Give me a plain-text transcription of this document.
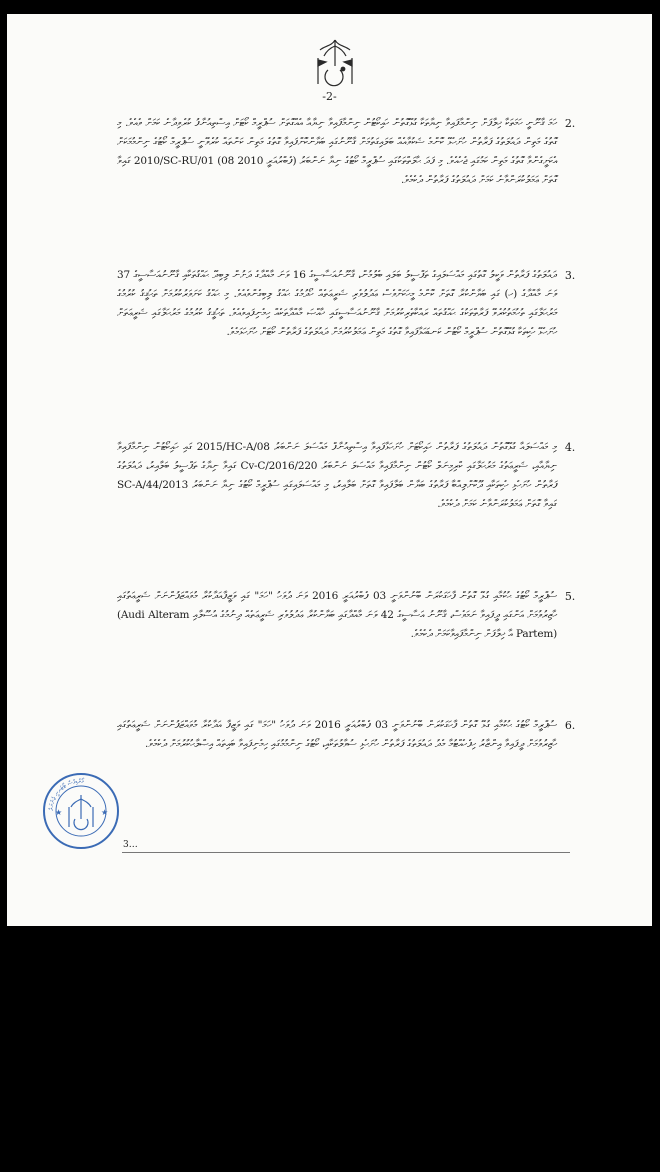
-2-
2.
ހަމަ ޤާނޫނީ ހަމަތަކާ ޚިލާފަށް ނިންމާފައިވާ ނިޔާތަކާ ގުޅޭގޮތުން ހައިކޯޓުން ނިންމާފައިވާ ނިޔާއާ އެއްގޮތަށް ސުޕްރީމް ކޯޓަށް އިސްތިއުނާފު ކުރެވިދާނެ ކަމަށް ވެއެވެ. މި ގޮތުގެ މަތިން ދައުލަތުގެ ފަރާތުން ހުށަހެޅޭ ކޮންމެ ޝަކުވާއެއް ބަލައިގަތުމަށް ޤާނޫނުގައި ބަޔާންކޮށްފައިވާ ގޮތުގެ މަތިން ކަންތައް ކުރެވޭނީ ސުޕްރީމް ކޯޓުގެ ނިންމުމަކަށް އެކަށީގެންވާ ގޮތުގެ މަތިން ކަމުގައި ޖެހެއެވެ. މި ފަދަ ޙާލަތްތަކުގައި ސުޕްރީމް ކޯޓުގެ ނިޔާ ނަންބަރު 2010/SC-RU/01 (08 ފެބްރުއަރީ 2010) ގައިވާ ގޮތަށް ޢަމަލުކުރަންވާނެ ކަމަށް ދައުލަތުގެ ފަރާތުން ދެކެމެވެ.
3.
ދައުލަތުގެ ފަރާތުން ވަކީލު ގޮތުގައި މައްސަލައިގެ ތަފްސީލު ބަލައި ބެލުމުން، ޤާނޫނުއަސާސީގެ 16 ވަނަ މާއްދާގެ ދަށުން ލިބިދޭ ޙައްޤުތަކާއި ޤާނޫނުއަސާސީގެ 37 ވަނަ މާއްދާގެ (ހ) ގައި ބަޔާންކުރާ ގޮތަށް ކޮންމެ މީހަކަށްވެސް ޢަދުލުވެރި ޝަރީޢަތެއް ހޯދުމުގެ ޙައްޤު ލިބިގެންވެއެވެ. މި ޙައްޤު ކަށަވަރުކުރުމަށް ތަޙުޤީޤު ކުރުމުގެ މަރުޙަލާގައި ތުހުމަތުކުރެވޭ ފަރާތްތަކުގެ ޙައްޤުތައް ރައްކާތެރިކުރުމަށް ޤާނޫނުއަސާސީގައި ޚާއްޞަ މާއްދާތަކެއް ހިމެނިފައިވެއެވެ. ތަޙުޤީޤު ކުރުމުގެ މަރުޙަލާގައި ޝަރީޢަތަށް ހުށަހެޅޭ ހެކިތަކާ ގުޅޭގޮތުން ސުޕްރީމް ކޯޓުން ކަނޑައަޅާފައިވާ ގޮތުގެ މަތިން ޢަމަލުކުރުމަށް ދައުލަތުގެ ފަރާތުން ކޯޓަށް ހުށަހަޅަމެވެ.
4.
މި މައްސަލައާ ގުޅޭގޮތުން ދައުލަތުގެ ފަރާތުން ހައިކޯޓަށް ހުށަހަޅާފައިވާ އިސްތިއުނާފް މައްސަލަ ނަންބަރު 2015/HC-A/08 ގައި ހައިކޯޓުން ނިންމާފައިވާ ނިޔާއާއި، ޝަރީޢަތުގެ މަރުޙަލާގައި ކްރިމިނަލް ކޯޓުން ނިންމާފައިވާ މައްސަލަ ނަންބަރު 220/Cv-C/2016 ގައިވާ ނިޔާގެ ތަފްސީލު ބަލާއިރު، ދައުލަތުގެ ފަރާތުން ހުށަހެޅި ހެކިތަކާއި ދޫކޮށްލިއްބާ ފަރާތުގެ ބަޔާން ބަލާފައިވާ ގޮތަށް ބަލާއިރު، މި މައްސަލައިގައި ސުޕްރީމް ކޯޓުގެ ނިޔާ ނަންބަރު 2013/SC-A/44 ގައިވާ ގޮތަށް ޢަމަލުކުރަންވާނެ ކަމަށް ދެކެމެވެ.
5.
ސުޕްރީމް ކޯޓުގެ ޙުކުމާއި ގުޅޭ ގޮތުން ފާހަގަކުރަން ބޭނުންވަނީ 03 ފެބްރުއަރީ 2016 ވަނަ ދުވަހު "ހަމަ" ގައި ވަޒީފާއަދާކުރާ މުވައްޒަފުންނަށް ޝަރީޢަތުގައި ހާޒިރުވުމަށް އަންގައި ދީފައިވާ ނަމަވެސް، ޤާނޫނު އަސާސީގެ 42 ވަނަ މާއްދާގައި ބަޔާންކުރާ ޢަދުލުވެރި ޝަރީޢަތެއް ދިނުމުގެ އުސޫލާއި (Audi Alteram Partem) އާ ޚިލާފަށް ނިންމާފައިވާކަމަށް ދެކެމެވެ.
6.
ސުޕްރީމް ކޯޓުގެ ޙުކުމާއި ގުޅޭ ގޮތުން ފާހަގަކުރަން ބޭނުންވަނީ 03 ފެބްރުއަރީ 2016 ވަނަ ދުވަހު "ހަމަ" ގައި ވަޒީފާ އަދާކުރާ މުވައްޒަފުންނަށް ޝަރީޢަތުގައި ހާޒިރުވުމަށް ދީފައިވާ އިންޒާރު ހިފެހެއްޓުމާ މެދު ދައުލަތުގެ ފަރާތުން ހުށަހެޅި ސުވާލުތަކާއި، ކޯޓުގެ ނިންމުމުގައި ހިމެނިފައިވާ ބައިތައް އިޞްލާޙުކުރުމަށް ދެކެމެވެ.
މޯލްޑިވްސް ޓޯޓަރނީ ޖެނެރަލް
★	★
3…
